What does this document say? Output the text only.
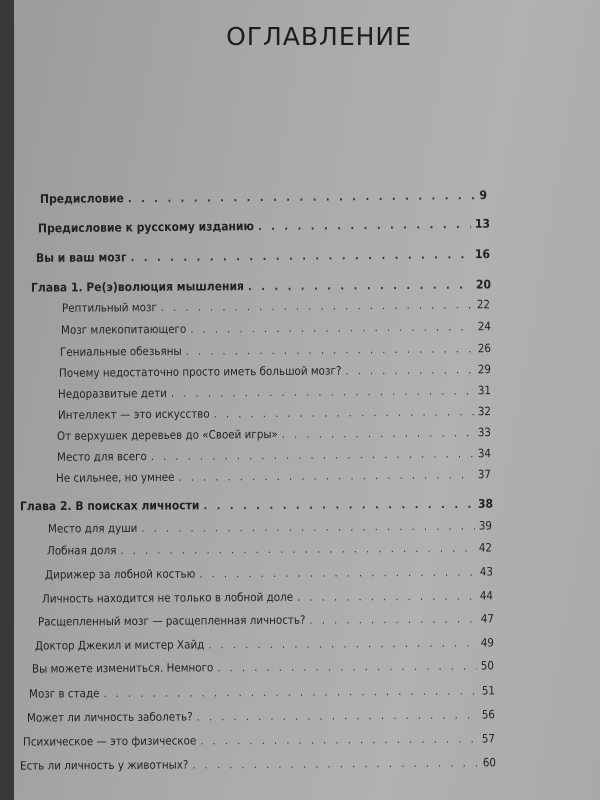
ОГЛАВЛЕНИЕ
Предисловие . . .	9
Предисловие к русскому изданию . . .	13
Вы и ваш мозг . . .	16
Глава 1. Ре(э)волюция мышления . . .	20
Рептильный мозг . . .	22
Мозг млекопитающего . . .	24
Гениальные обезьяны . . .	26
Почему недостаточно просто иметь большой мозг? . . .	29
Недоразвитые дети . . .	31
Интеллект — это искусство . . .	32
От верхушек деревьев до «Своей игры» . . .	33
Место для всего . . .	34
Не сильнее, но умнее . . .	37
Глава 2. В поисках личности . . .	38
Место для души . . .	39
Лобная доля . . .	42
Дирижер за лобной костью . . .	43
Личность находится не только в лобной доле . . .	44
Расщепленный мозг — расщепленная личность? . . .	47
Доктор Джекил и мистер Хайд . . .	49
Вы можете измениться. Немного . . .	50
Мозг в стаде . . .	51
Может ли личность заболеть? . . .	56
Психическое — это физическое . . .	57
Есть ли личность у животных? . . .	60
